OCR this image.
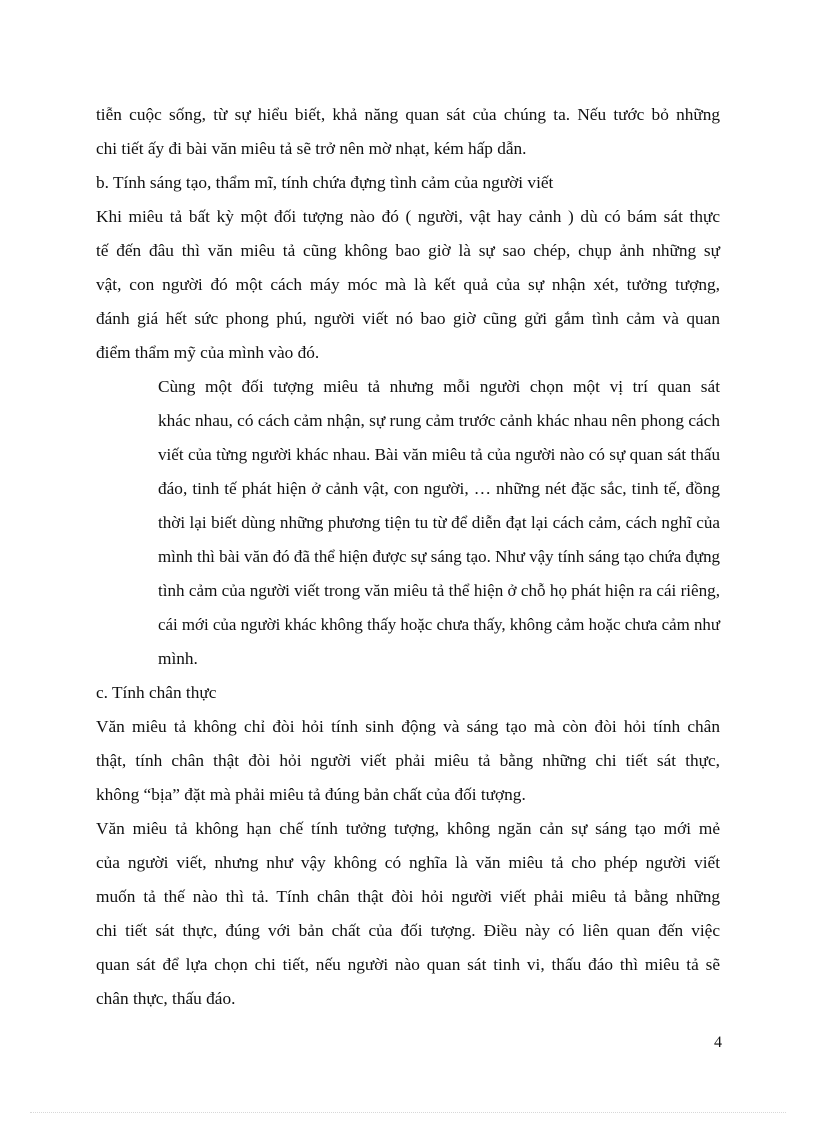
tiễn cuộc sống, từ sự hiểu biết, khả năng quan sát của chúng ta. Nếu tước bỏ những
chi tiết ấy đi bài văn miêu tả sẽ trở nên mờ nhạt, kém hấp dẫn.

b. Tính sáng tạo, thẩm mĩ, tính chứa đựng tình cảm của người viết

Khi miêu tả bất kỳ một đối tượng nào đó ( người, vật hay cảnh ) dù có bám sát thực
tế đến đâu thì văn miêu tả cũng không bao giờ là sự sao chép, chụp ảnh những sự
vật, con người đó một cách máy móc mà là kết quả của sự nhận xét, tưởng tượng,
đánh giá hết sức phong phú, người viết nó bao giờ cũng gửi gắm tình cảm và quan
điểm thẩm mỹ của mình vào đó.

Cùng một đối tượng miêu tả nhưng mỗi người chọn một vị trí quan sát
khác nhau, có cách cảm nhận, sự rung cảm trước cảnh khác nhau nên phong cách
viết của từng người khác nhau. Bài văn miêu tả của người nào có sự quan sát thấu
đáo, tinh tế phát hiện ở cảnh vật, con người, … những nét đặc sắc, tinh tế, đồng
thời lại biết dùng những phương tiện tu từ để diễn đạt lại cách cảm, cách nghĩ của
mình thì bài văn đó đã thể hiện được sự sáng tạo. Như vậy tính sáng tạo chứa đựng
tình cảm của người viết trong văn miêu tả thể hiện ở chỗ họ phát hiện ra cái riêng,
cái mới của người khác không thấy hoặc chưa thấy, không cảm hoặc chưa cảm như
mình.

c. Tính chân thực

Văn miêu tả không chỉ đòi hỏi tính sinh động và sáng tạo mà còn đòi hỏi tính chân
thật, tính chân thật đòi hỏi người viết phải miêu tả bằng những chi tiết sát thực,
không “bịa” đặt mà phải miêu tả đúng bản chất của đối tượng.

Văn miêu tả không hạn chế tính tưởng tượng, không ngăn cản sự sáng tạo mới mẻ
của người viết, nhưng như vậy không có nghĩa là văn miêu tả cho phép người viết
muốn tả thế nào thì tả. Tính chân thật đòi hỏi người viết phải miêu tả bằng những
chi tiết sát thực, đúng với bản chất của đối tượng. Điều này có liên quan đến việc
quan sát để lựa chọn chi tiết, nếu người nào quan sát tinh vi, thấu đáo thì miêu tả sẽ
chân thực, thấu đáo.

4
